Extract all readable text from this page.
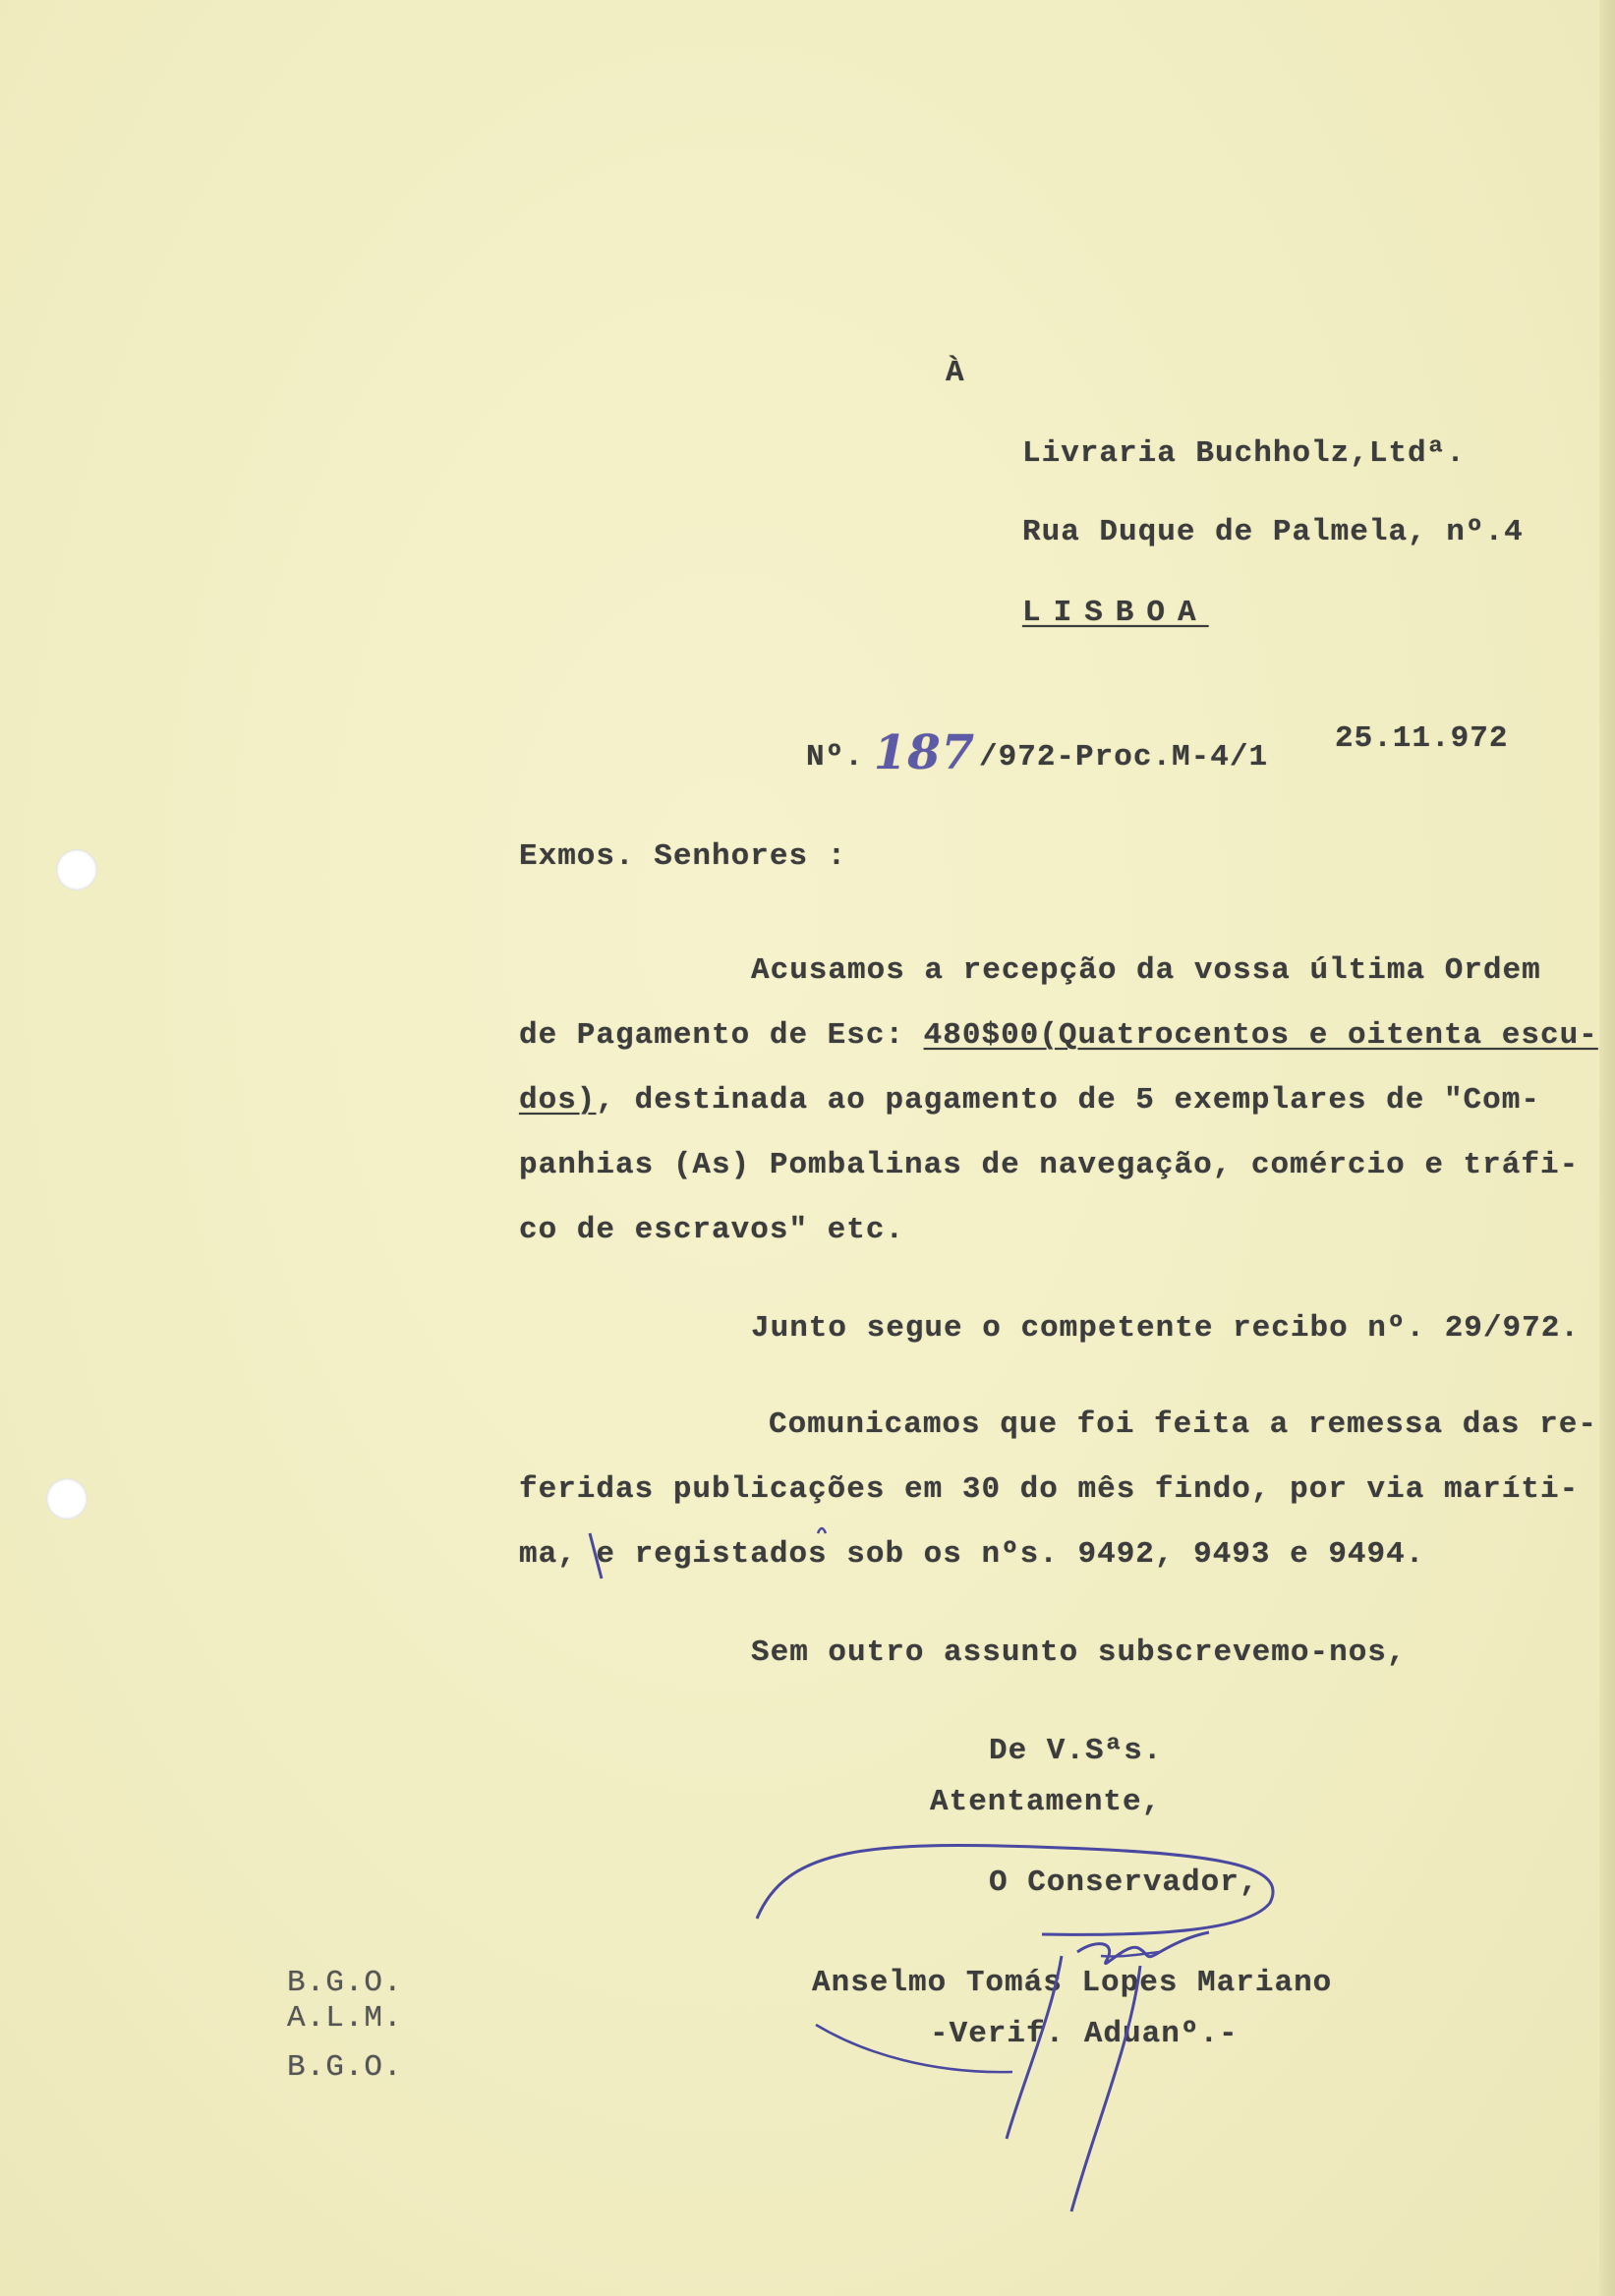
À
Livraria Buchholz,Ltdª.
Rua Duque de Palmela, nº.4
LISBOA
Nº. 187 /972-Proc.M-4/1
25.11.972
Exmos. Senhores :
Acusamos a recepção da vossa última Ordem
de Pagamento de Esc: 480$00(Quatrocentos e oitenta escu-
dos), destinada ao pagamento de 5 exemplares de "Com-
panhias (As) Pombalinas de navegação, comércio e tráfi-
co de escravos" etc.
Junto segue o competente recibo nº. 29/972.
Comunicamos que foi feita a remessa das re-
feridas publicações em 30 do mês findo, por via maríti-
ma, e registados sob os nºs. 9492, 9493 e 9494.
Sem outro assunto subscrevemo-nos,
De V.Sªs.
Atentamente,
O Conservador,
Anselmo Tomás Lopes Mariano
-Verif. Aduanº.-
B.G.O.
A.L.M.
B.G.O.
